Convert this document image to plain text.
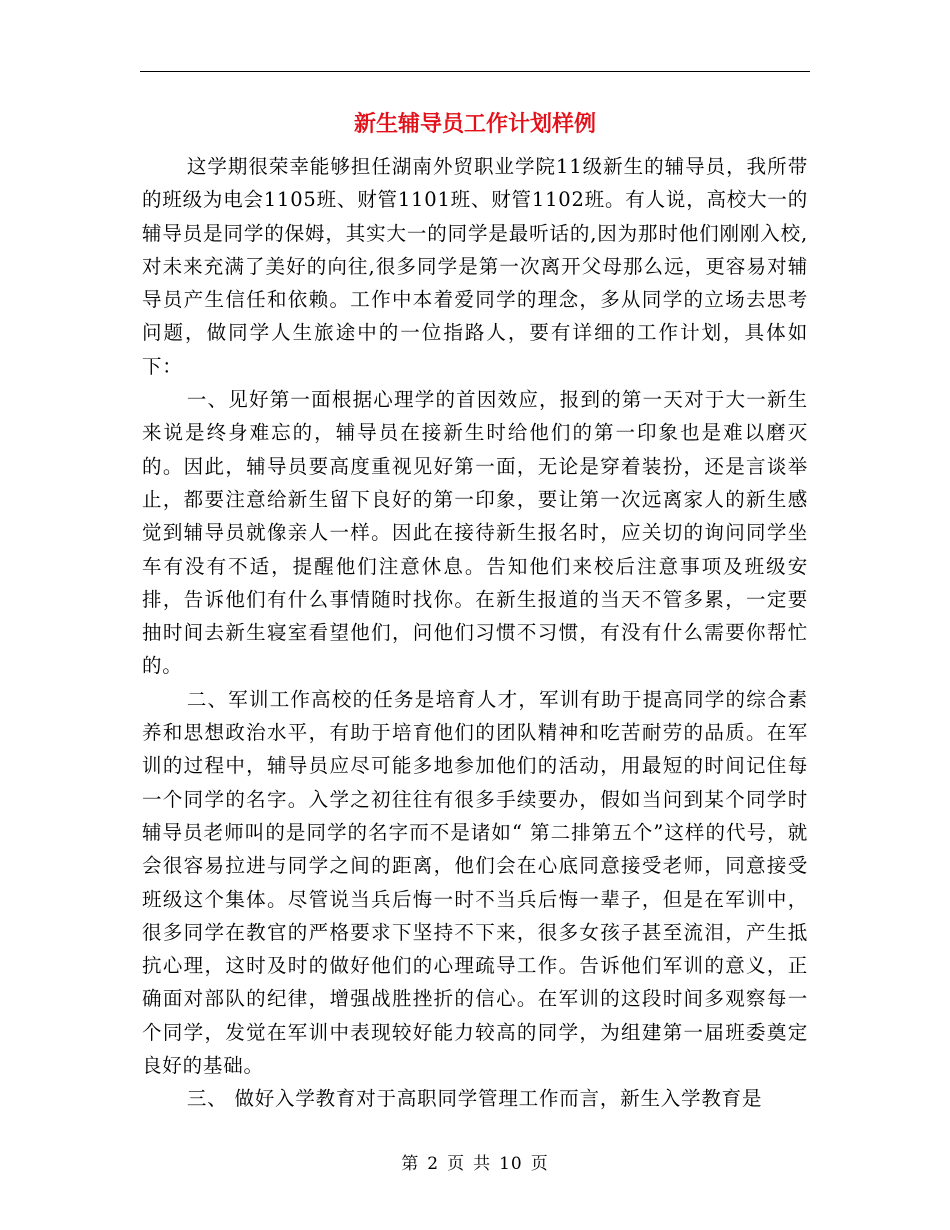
新生辅导员工作计划样例

这学期很荣幸能够担任湖南外贸职业学院11级新生的辅导员，我所带的班级为电会1105班、财管1101班、财管1102班。有人说，高校大一的辅导员是同学的保姆，其实大一的同学是最听话的,因为那时他们刚刚入校,对未来充满了美好的向往,很多同学是第一次离开父母那么远，更容易对辅导员产生信任和依赖。工作中本着爱同学的理念，多从同学的立场去思考问题，做同学人生旅途中的一位指路人，要有详细的工作计划，具体如下：

一、见好第一面根据心理学的首因效应，报到的第一天对于大一新生来说是终身难忘的，辅导员在接新生时给他们的第一印象也是难以磨灭的。因此，辅导员要高度重视见好第一面，无论是穿着装扮，还是言谈举止，都要注意给新生留下良好的第一印象，要让第一次远离家人的新生感觉到辅导员就像亲人一样。因此在接待新生报名时，应关切的询问同学坐车有没有不适，提醒他们注意休息。告知他们来校后注意事项及班级安排，告诉他们有什么事情随时找你。在新生报道的当天不管多累，一定要抽时间去新生寝室看望他们，问他们习惯不习惯，有没有什么需要你帮忙的。

二、军训工作高校的任务是培育人才，军训有助于提高同学的综合素养和思想政治水平，有助于培育他们的团队精神和吃苦耐劳的品质。在军训的过程中，辅导员应尽可能多地参加他们的活动，用最短的时间记住每一个同学的名字。入学之初往往有很多手续要办，假如当问到某个同学时辅导员老师叫的是同学的名字而不是诸如“ 第二排第五个”这样的代号，就会很容易拉进与同学之间的距离，他们会在心底同意接受老师，同意接受班级这个集体。尽管说当兵后悔一时不当兵后悔一辈子，但是在军训中，很多同学在教官的严格要求下坚持不下来，很多女孩子甚至流泪，产生抵抗心理，这时及时的做好他们的心理疏导工作。告诉他们军训的意义，正确面对部队的纪律，增强战胜挫折的信心。在军训的这段时间多观察每一个同学，发觉在军训中表现较好能力较高的同学，为组建第一届班委奠定良好的基础。

三、 做好入学教育对于高职同学管理工作而言，新生入学教育是

第 2 页 共 10 页
